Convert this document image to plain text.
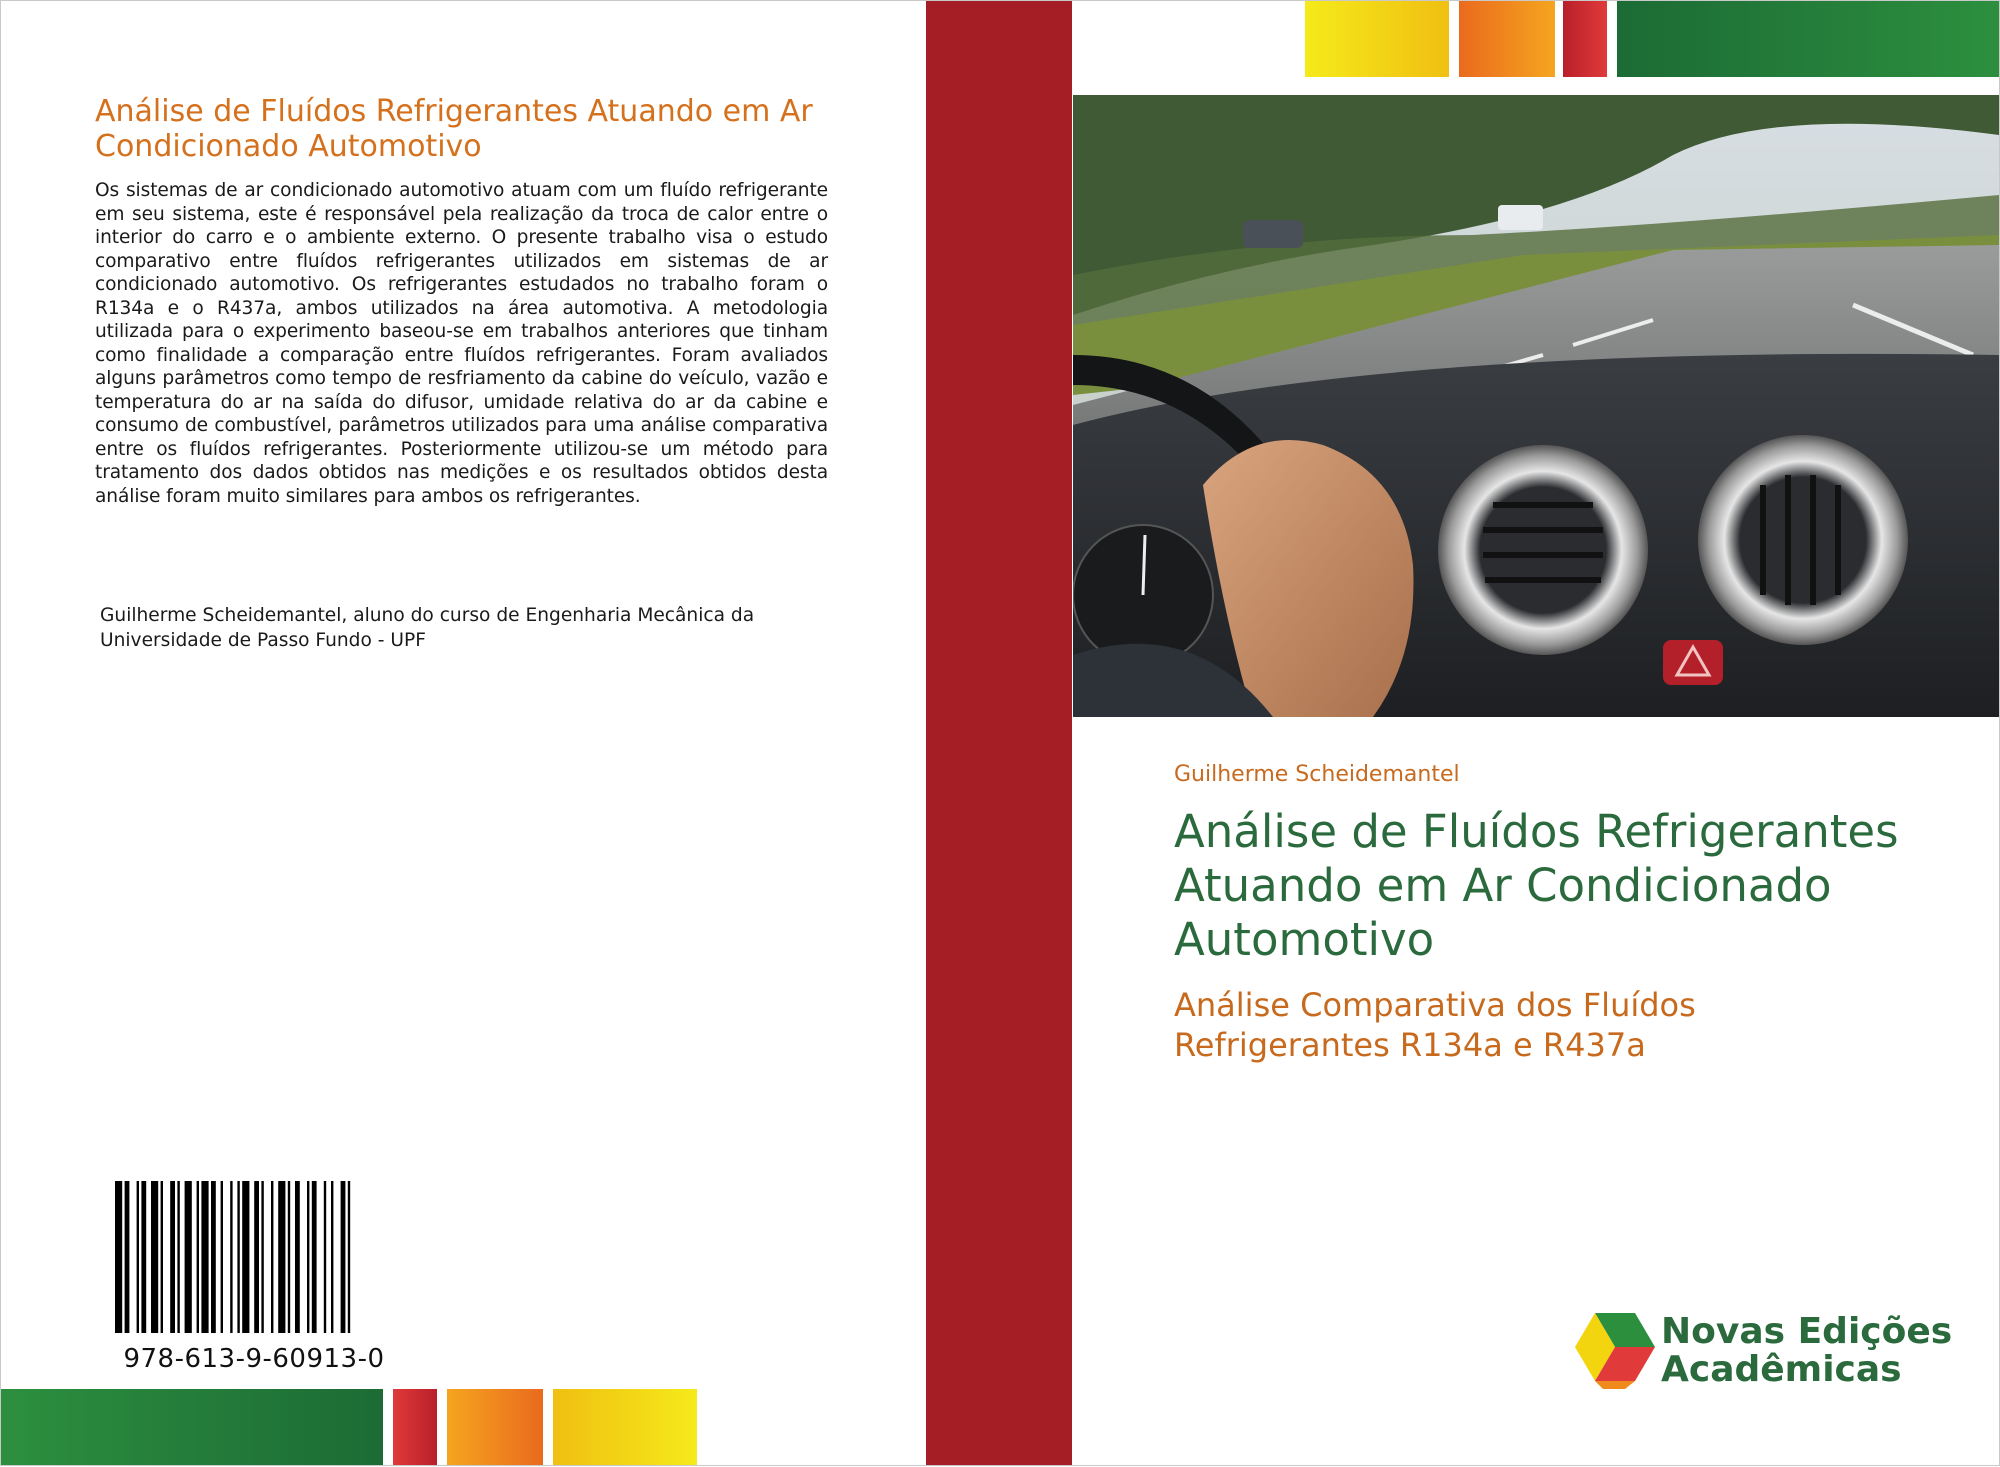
Análise de Fluídos Refrigerantes Atuando em Ar Condicionado Automotivo
Os sistemas de ar condicionado automotivo atuam com um fluído refrigerante em seu sistema, este é responsável pela realização da troca de calor entre o interior do carro e o ambiente externo. O presente trabalho visa o estudo comparativo entre fluídos refrigerantes utilizados em sistemas de ar condicionado automotivo. Os refrigerantes estudados no trabalho foram o R134a e o R437a, ambos utilizados na área automotiva. A metodologia utilizada para o experimento baseou-se em trabalhos anteriores que tinham como finalidade a comparação entre fluídos refrigerantes. Foram avaliados alguns parâmetros como tempo de resfriamento da cabine do veículo, vazão e temperatura do ar na saída do difusor, umidade relativa do ar da cabine e consumo de combustível, parâmetros utilizados para uma análise comparativa entre os fluídos refrigerantes. Posteriormente utilizou-se um método para tratamento dos dados obtidos nas medições e os resultados obtidos desta análise foram muito similares para ambos os refrigerantes.
Guilherme Scheidemantel, aluno do curso de Engenharia Mecânica da Universidade de Passo Fundo - UPF
978-613-9-60913-0
Guilherme Scheidemantel
Análise de Fluídos Refrigerantes Atuando em Ar Condicionado Automotivo
Análise Comparativa dos Fluídos Refrigerantes R134a e R437a
Novas Edições
Acadêmicas
